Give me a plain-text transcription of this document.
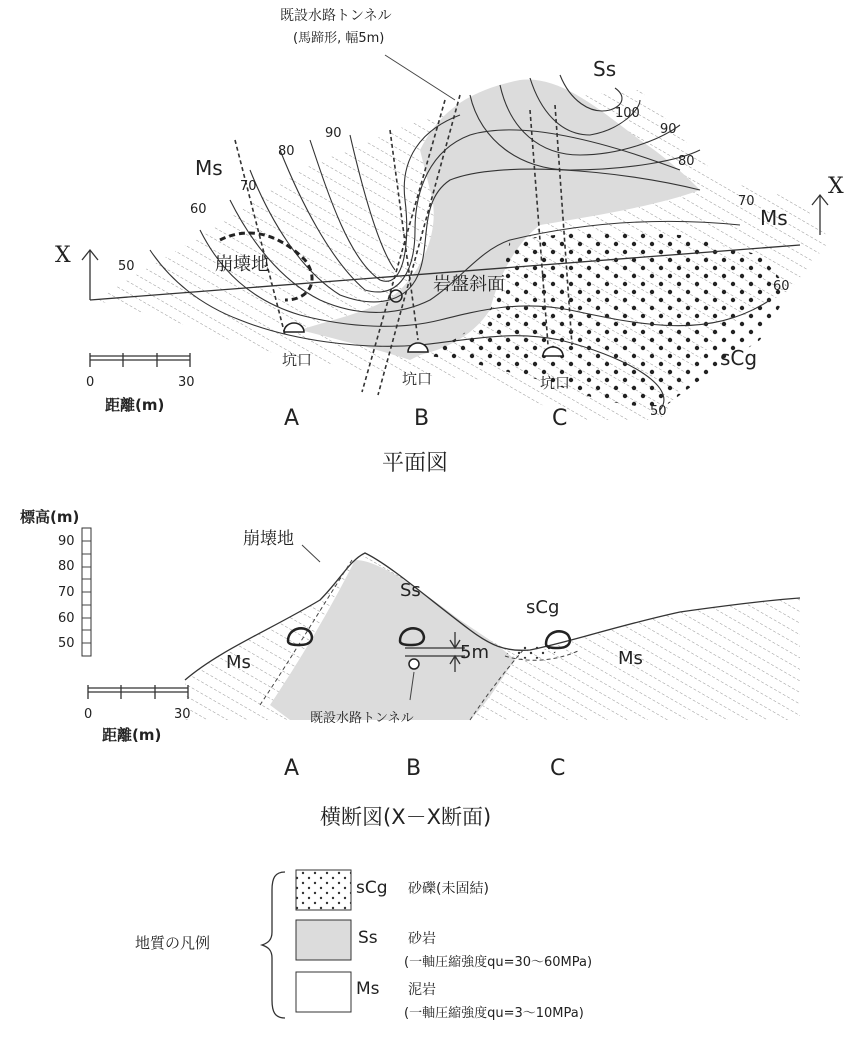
既設水路トンネル
(馬蹄形, 幅5m)
Ss
Ms
Ms
sCg
X
X
崩壊地
岩盤斜面
坑口
坑口	坑口
50
60
70
80
90
100
90
80
70
60
50
0	30
距離(m)
A	B	C
平面図
5m
崩壊地
Ss
sCg
Ms	Ms
既設水路トンネル
標高(m)
90
80
70
60
50
0	30
距離(m)
A	B	C
横断図(X－X断面)
地質の凡例
sCg 砂礫(未固結)
Ss 砂岩
(一軸圧縮強度qu=30〜60MPa)
Ms 泥岩
(一軸圧縮強度qu=3〜10MPa)
